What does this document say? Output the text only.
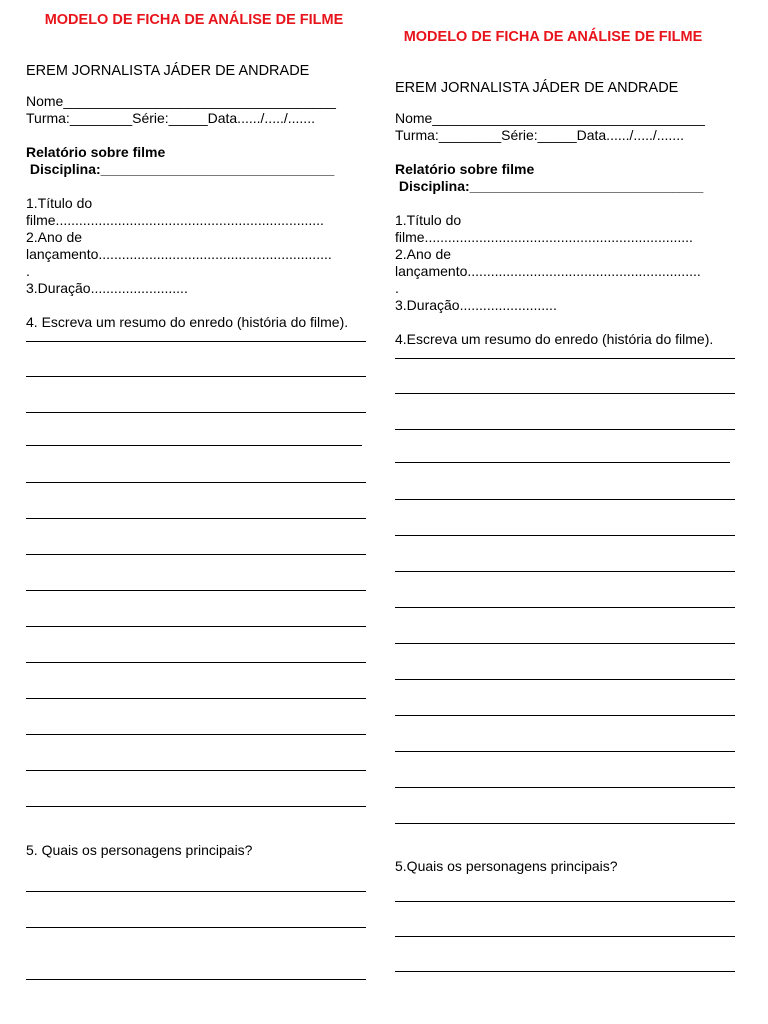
MODELO DE FICHA DE ANÁLISE DE FILME
EREM JORNALISTA JÁDER DE ANDRADE
Nome___________________________________
Turma:________Série:_____Data....../...../.......
Relatório sobre filme
Disciplina:______________________________
1.Título do
filme.....................................................................
2.Ano de
lançamento............................................................
.
3.Duração.........................
4. Escreva um resumo do enredo (história do filme).
5. Quais os personagens principais?
MODELO DE FICHA DE ANÁLISE DE FILME
EREM JORNALISTA JÁDER DE ANDRADE
Nome___________________________________
Turma:________Série:_____Data....../...../.......
Relatório sobre filme
Disciplina:______________________________
1.Título do
filme.....................................................................
2.Ano de
lançamento............................................................
.
3.Duração.........................
4.Escreva um resumo do enredo (história do filme).
5.Quais os personagens principais?
